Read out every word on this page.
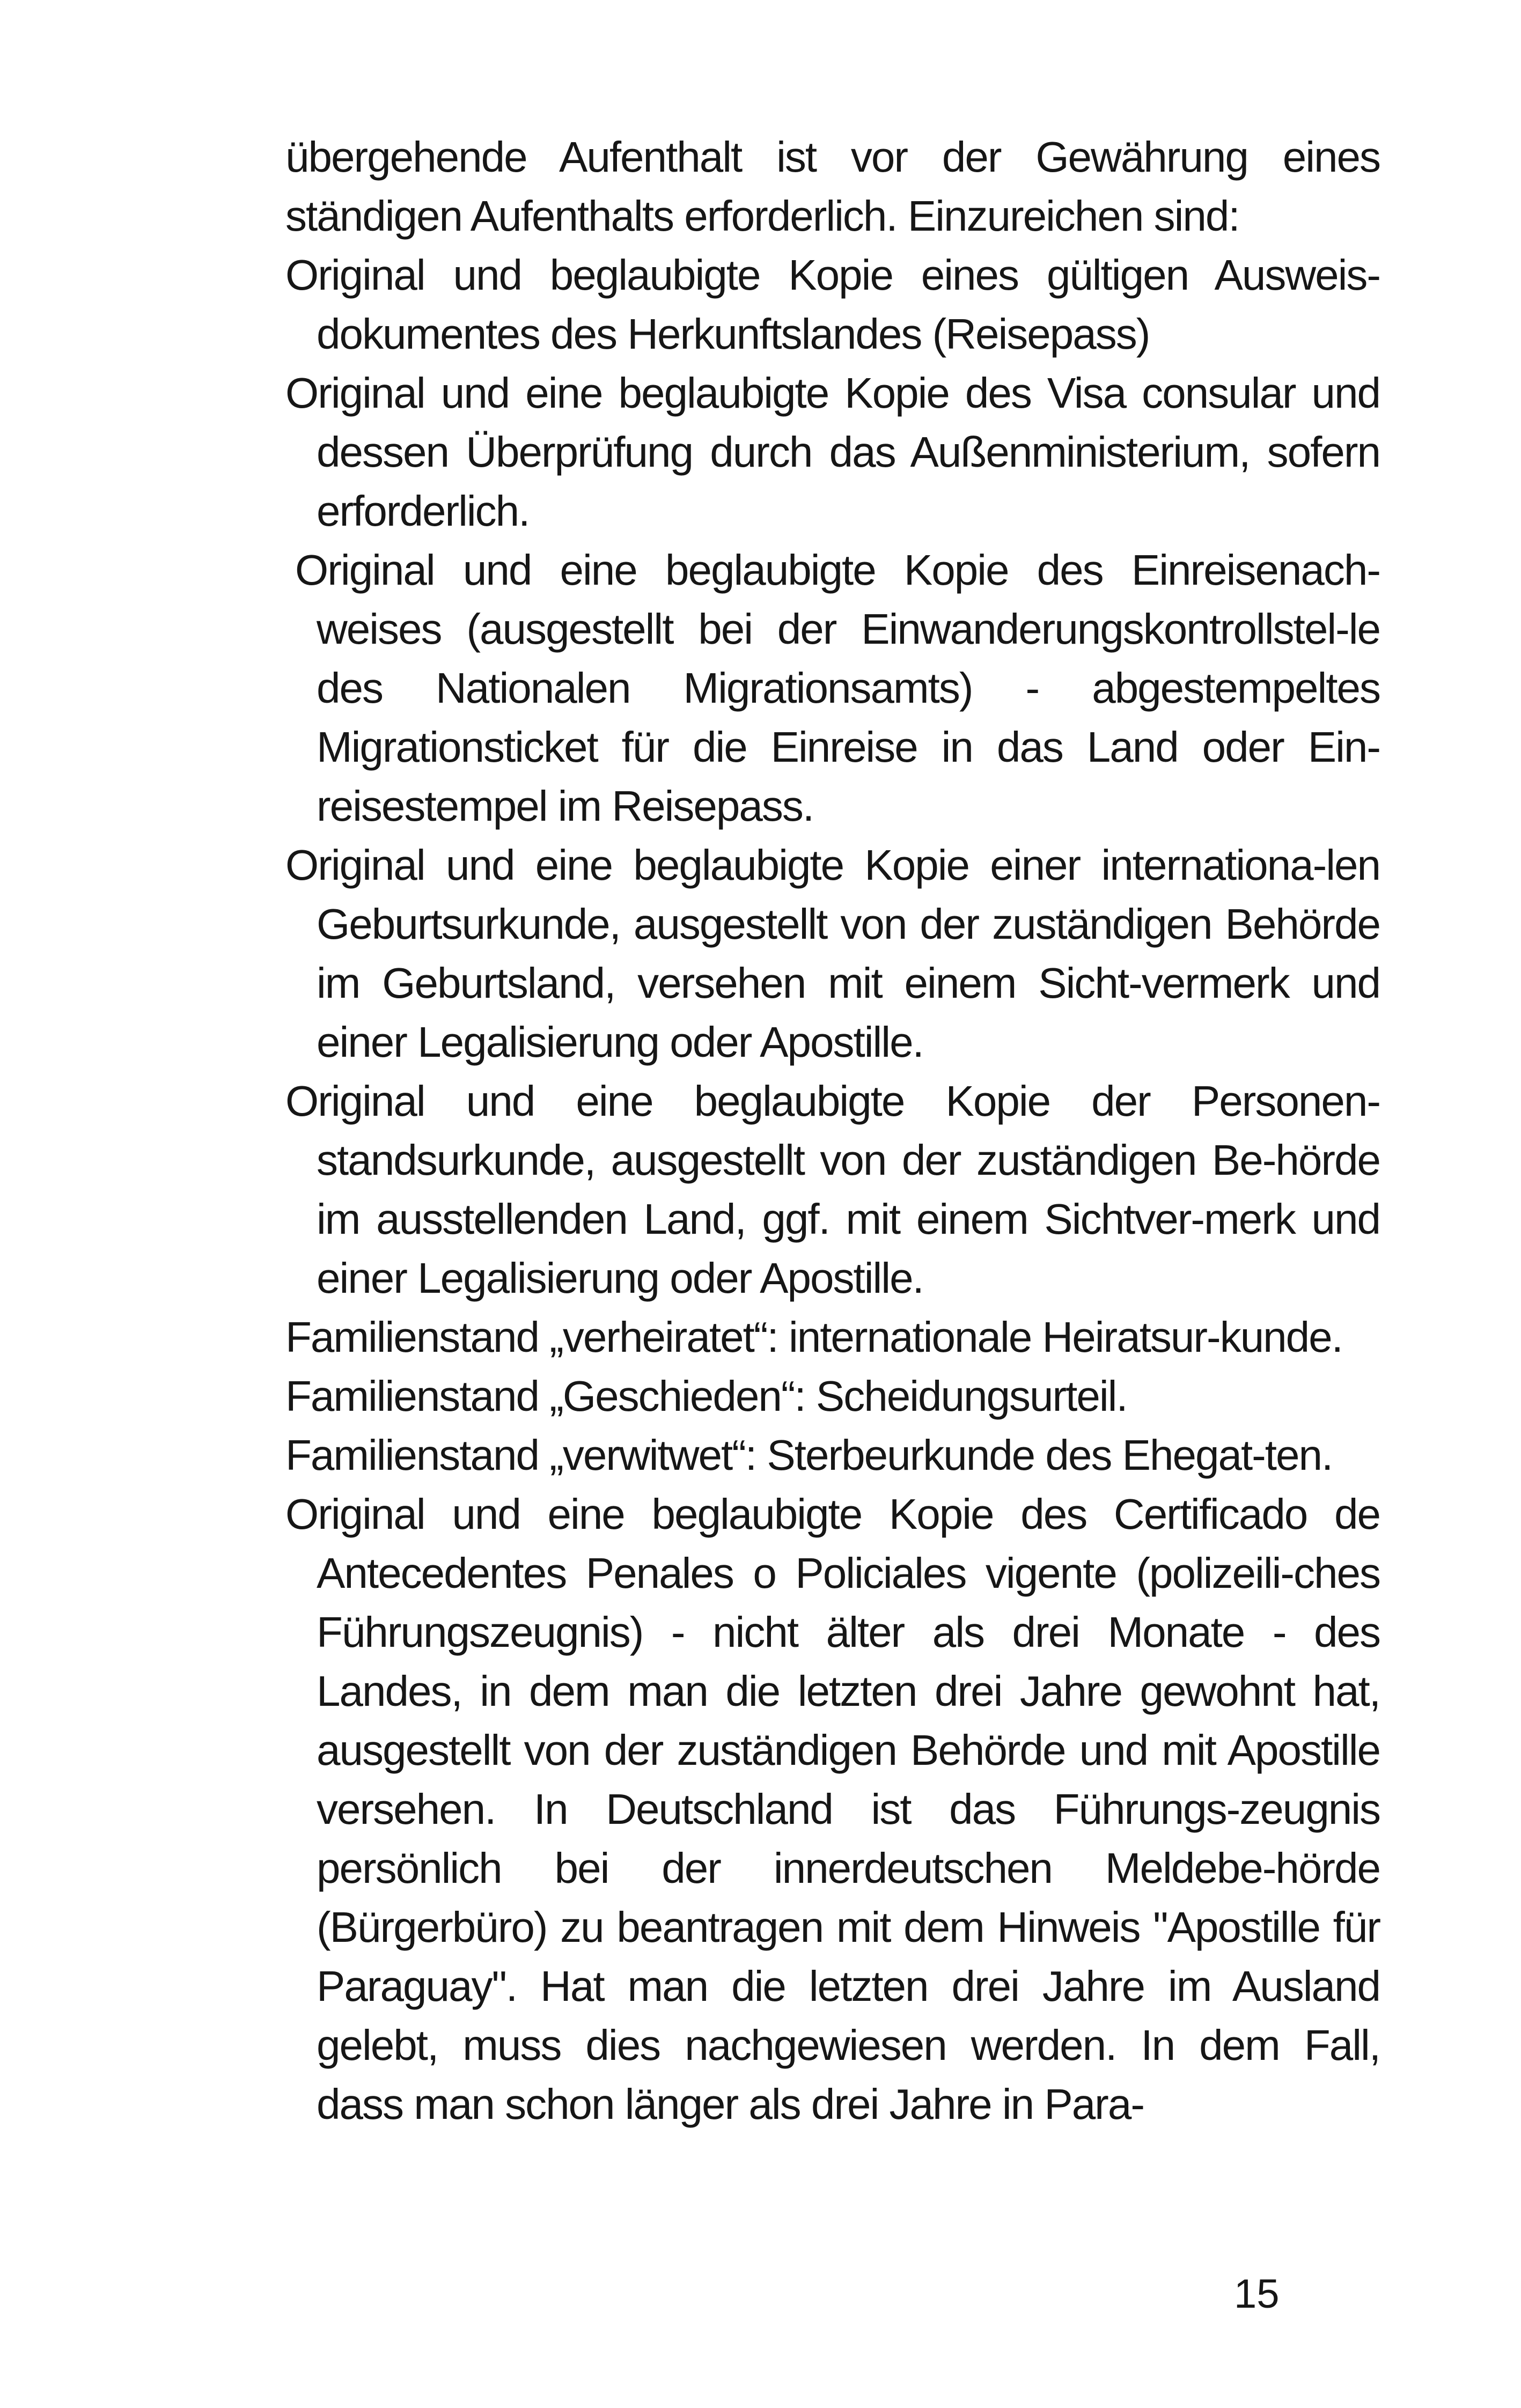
übergehende Aufenthalt ist vor der Gewährung eines ständigen Aufenthalts erforderlich. Einzureichen sind:

Original und beglaubigte Kopie eines gültigen Ausweis-dokumentes des Herkunftslandes (Reisepass)

Original und eine beglaubigte Kopie des Visa consular und dessen Überprüfung durch das Außenministerium, sofern erforderlich.

Original und eine beglaubigte Kopie des Einreisenach-weises (ausgestellt bei der Einwanderungskontrollstel-le des Nationalen Migrationsamts) - abgestempeltes Migrationsticket für die Einreise in das Land oder Ein-reisestempel im Reisepass.

Original und eine beglaubigte Kopie einer internationa-len Geburtsurkunde, ausgestellt von der zuständigen Behörde im Geburtsland, versehen mit einem Sicht-vermerk und einer Legalisierung oder Apostille.

Original und eine beglaubigte Kopie der Personen-standsurkunde, ausgestellt von der zuständigen Be-hörde im ausstellenden Land, ggf. mit einem Sichtver-merk und einer Legalisierung oder Apostille.

Familienstand „verheiratet“: internationale Heiratsur-kunde.

Familienstand „Geschieden“: Scheidungsurteil.

Familienstand „verwitwet“: Sterbeurkunde des Ehegat-ten.

Original und eine beglaubigte Kopie des Certificado de Antecedentes Penales o Policiales vigente (polizeili-ches Führungszeugnis) - nicht älter als drei Monate - des Landes, in dem man die letzten drei Jahre gewohnt hat, ausgestellt von der zuständigen Behörde und mit Apostille versehen. In Deutschland ist das Führungs-zeugnis persönlich bei der innerdeutschen Meldebe-hörde (Bürgerbüro) zu beantragen mit dem Hinweis "Apostille für Paraguay". Hat man die letzten drei Jahre im Ausland gelebt, muss dies nachgewiesen werden. In dem Fall, dass man schon länger als drei Jahre in Para-

15
